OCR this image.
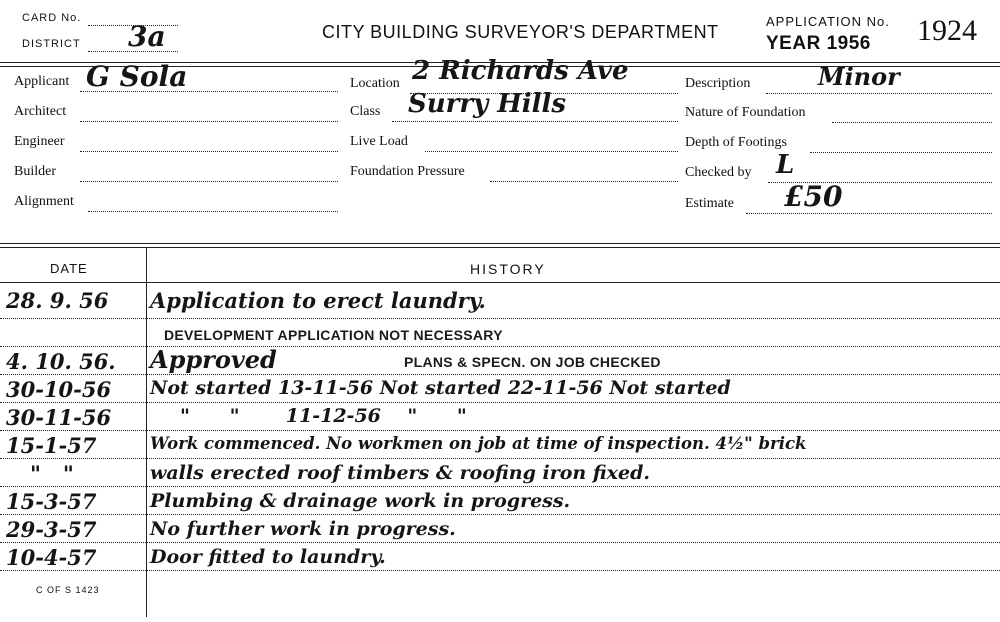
CARD No.
DISTRICT 3a	CITY BUILDING SURVEYOR'S DEPARTMENT
APPLICATION No. 1924
YEAR 1956
Applicant G Sola
Architect
Engineer
Builder
Alignment
Location 2 Richards Ave
Class Surry Hills
Live Load
Foundation Pressure
Description	Minor
Nature of Foundation
Depth of Footings
Checked by L
Estimate £50
DATE	HISTORY
28. 9. 56	Application to erect laundry.
DEVELOPMENT APPLICATION NOT NECESSARY
4. 10. 56.	Approved	PLANS & SPECN. ON JOB CHECKED
30-10-56	Not started 13-11-56 Not started 22-11-56 Not started
30-11-56	"      "       11-12-56    "      "
15-1-57	Work commenced. No workmen on job at time of inspection. 4½" brick
"   "	walls erected roof timbers & roofing iron fixed.
15-3-57	Plumbing & drainage work in progress.
29-3-57	No further work in progress.
10-4-57	Door fitted to laundry.
C OF S 1423
